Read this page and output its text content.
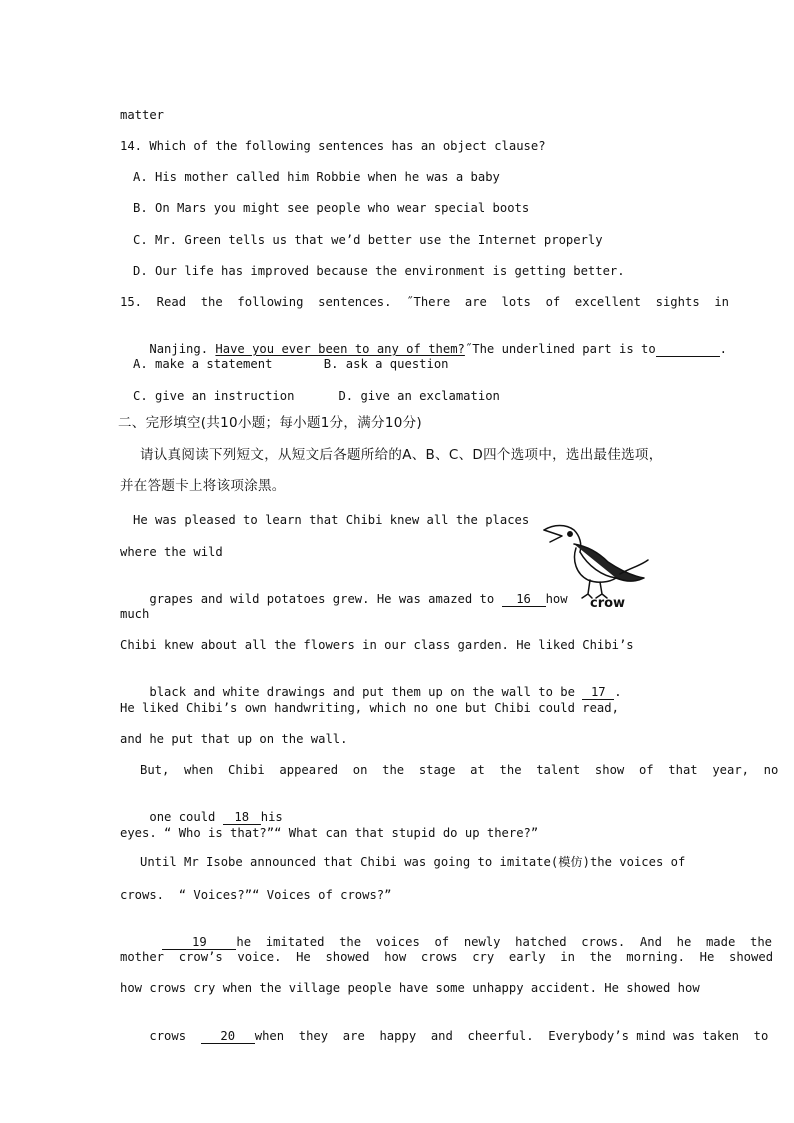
matter
14. Which of the following sentences has an object clause?
A. His mother called him Robbie when he was a baby
B. On Mars you might see people who wear special boots
C. Mr. Green tells us that we’d better use the Internet properly
D. Our life has improved because the environment is getting better.
15.  Read  the  following  sentences.  ˝There  are  lots  of  excellent  sights  in

Nanjing. Have you ever been to any of them?˝The underlined part is to	.

A. make a statement       B. ask a question
C. give an instruction      D. give an exclamation
二、完形填空(共10小题；每小题1分，满分10分)
请认真阅读下列短文，从短文后各题所给的A、B、C、D四个选项中，选出最佳选项，
并在答题卡上将该项涂黑。
He was pleased to learn that Chibi knew all the places
where the wild

grapes and wild potatoes grew. He was amazed to 16 how

much
Chibi knew about all the flowers in our class garden. He liked Chibi’s

black and white drawings and put them up on the wall to be 17 .

He liked Chibi’s own handwriting, which no one but Chibi could read,
and he put that up on the wall.
But,  when  Chibi  appeared  on  the  stage  at  the  talent  show  of  that  year,  no

one could 18 his

eyes. “ Who is that?”“ What can that stupid do up there?”
Until Mr Isobe announced that Chibi was going to imitate(模仿)the voices of
crows.  “ Voices?”“ Voices of crows?”

19 he  imitated  the  voices  of  newly  hatched  crows.  And  he  made  the

mother  crow’s  voice.  He  showed  how  crows  cry  early  in  the  morning.  He  showed
how crows cry when the village people have some unhappy accident. He showed how

crows  20 when  they  are  happy  and  cheerful.  Everybody’s mind was taken  to

crow
